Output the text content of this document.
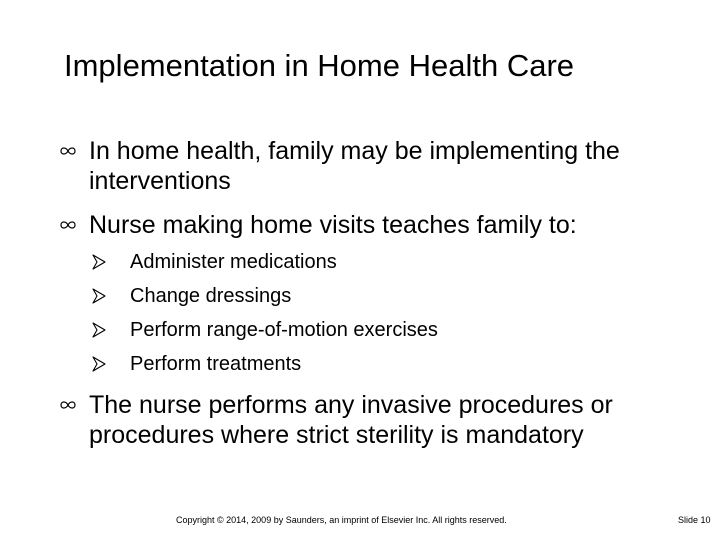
Implementation in Home Health Care
In home health, family may be implementing the interventions
Nurse making home visits teaches family to:
Administer medications
Change dressings
Perform range-of-motion exercises
Perform treatments
The nurse performs any invasive procedures or procedures where strict sterility is mandatory
Copyright © 2014, 2009 by Saunders, an imprint of Elsevier Inc. All rights reserved.	Slide 10
